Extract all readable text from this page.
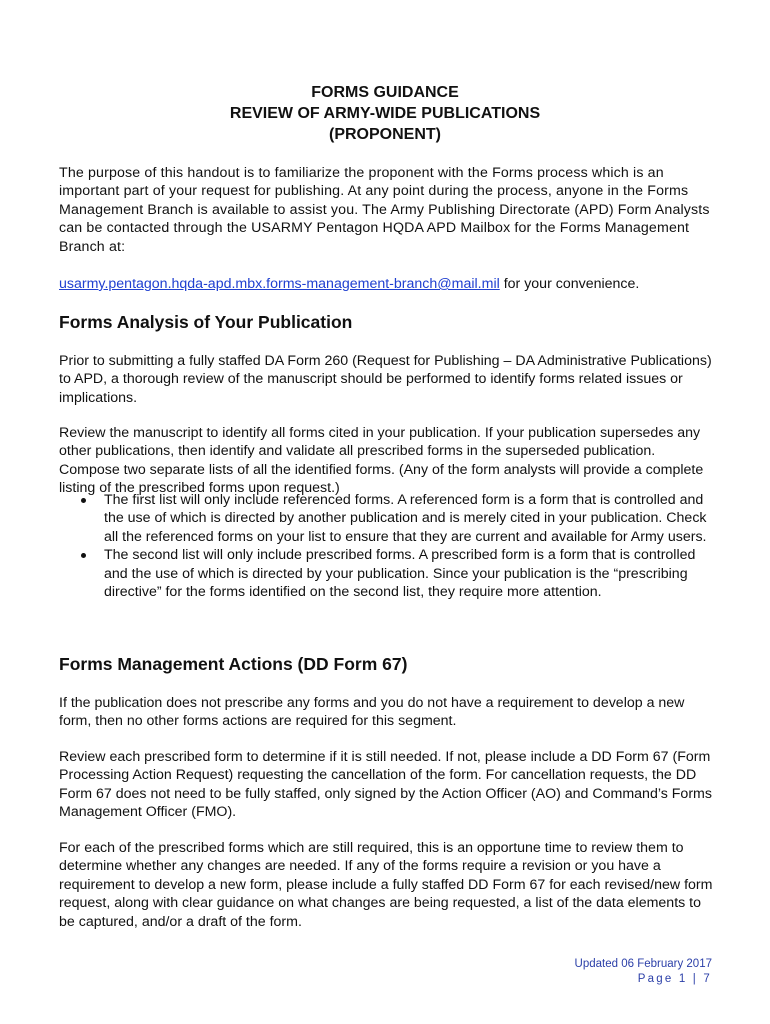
FORMS GUIDANCE
REVIEW OF ARMY-WIDE PUBLICATIONS
(PROPONENT)

The purpose of this handout is to familiarize the proponent with the Forms process which is an important part of your request for publishing. At any point during the process, anyone in the Forms Management Branch is available to assist you. The Army Publishing Directorate (APD) Form Analysts can be contacted through the USARMY Pentagon HQDA APD Mailbox for the Forms Management Branch at:

usarmy.pentagon.hqda-apd.mbx.forms-management-branch@mail.mil for your convenience.

Forms Analysis of Your Publication

Prior to submitting a fully staffed DA Form 260 (Request for Publishing – DA Administrative Publications) to APD, a thorough review of the manuscript should be performed to identify forms related issues or implications.

Review the manuscript to identify all forms cited in your publication. If your publication supersedes any other publications, then identify and validate all prescribed forms in the superseded publication. Compose two separate lists of all the identified forms. (Any of the form analysts will provide a complete listing of the prescribed forms upon request.)

The first list will only include referenced forms. A referenced form is a form that is controlled and the use of which is directed by another publication and is merely cited in your publication. Check all the referenced forms on your list to ensure that they are current and available for Army users.
The second list will only include prescribed forms. A prescribed form is a form that is controlled and the use of which is directed by your publication. Since your publication is the “prescribing directive” for the forms identified on the second list, they require more attention.
Forms Management Actions (DD Form 67)

If the publication does not prescribe any forms and you do not have a requirement to develop a new form, then no other forms actions are required for this segment.

Review each prescribed form to determine if it is still needed. If not, please include a DD Form 67 (Form Processing Action Request) requesting the cancellation of the form. For cancellation requests, the DD Form 67 does not need to be fully staffed, only signed by the Action Officer (AO) and Command’s Forms Management Officer (FMO).

For each of the prescribed forms which are still required, this is an opportune time to review them to determine whether any changes are needed. If any of the forms require a revision or you have a requirement to develop a new form, please include a fully staffed DD Form 67 for each revised/new form request, along with clear guidance on what changes are being requested, a list of the data elements to be captured, and/or a draft of the form.

Updated 06 February 2017
Page 1 | 7
